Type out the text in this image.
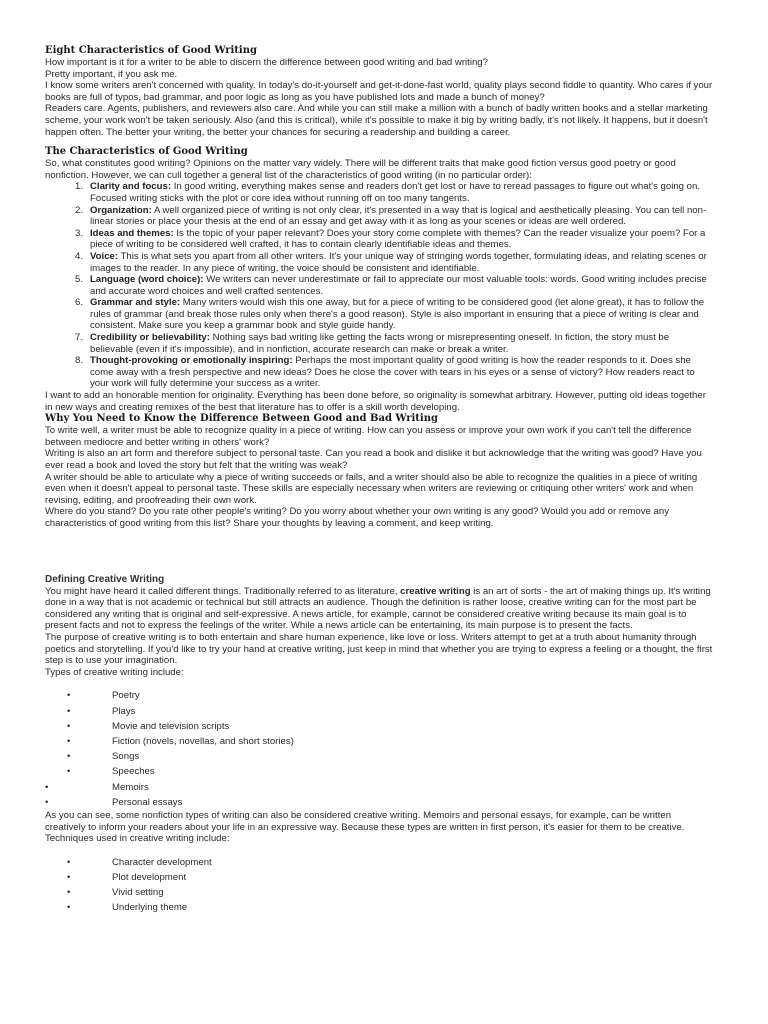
Eight Characteristics of Good Writing

How important is it for a writer to be able to discern the difference between good writing and bad writing?

Pretty important, if you ask me.

I know some writers aren't concerned with quality. In today's do-it-yourself and get-it-done-fast world, quality plays second fiddle to quantity. Who cares if your books are full of typos, bad grammar, and poor logic as long as you have published lots and made a bunch of money?

Readers care. Agents, publishers, and reviewers also care. And while you can still make a million with a bunch of badly written books and a stellar marketing scheme, your work won't be taken seriously. Also (and this is critical), while it's possible to make it big by writing badly, it's not likely. It happens, but it doesn't happen often. The better your writing, the better your chances for securing a readership and building a career.

The Characteristics of Good Writing

So, what constitutes good writing? Opinions on the matter vary widely. There will be different traits that make good fiction versus good poetry or good nonfiction. However, we can cull together a general list of the characteristics of good writing (in no particular order):

1. Clarity and focus: In good writing, everything makes sense and readers don't get lost or have to reread passages to figure out what's going on. Focused writing sticks with the plot or core idea without running off on too many tangents.
2. Organization: A well organized piece of writing is not only clear, it's presented in a way that is logical and aesthetically pleasing. You can tell non-linear stories or place your thesis at the end of an essay and get away with it as long as your scenes or ideas are well ordered.
3. Ideas and themes: Is the topic of your paper relevant? Does your story come complete with themes? Can the reader visualize your poem? For a piece of writing to be considered well crafted, it has to contain clearly identifiable ideas and themes.
4. Voice: This is what sets you apart from all other writers. It's your unique way of stringing words together, formulating ideas, and relating scenes or images to the reader. In any piece of writing, the voice should be consistent and identifiable.
5. Language (word choice): We writers can never underestimate or fail to appreciate our most valuable tools: words. Good writing includes precise and accurate word choices and well crafted sentences.
6. Grammar and style: Many writers would wish this one away, but for a piece of writing to be considered good (let alone great), it has to follow the rules of grammar (and break those rules only when there's a good reason). Style is also important in ensuring that a piece of writing is clear and consistent. Make sure you keep a grammar book and style guide handy.
7. Credibility or believability: Nothing says bad writing like getting the facts wrong or misrepresenting oneself. In fiction, the story must be believable (even if it's impossible), and in nonfiction, accurate research can make or break a writer.
8. Thought-provoking or emotionally inspiring: Perhaps the most important quality of good writing is how the reader responds to it. Does she come away with a fresh perspective and new ideas? Does he close the cover with tears in his eyes or a sense of victory? How readers react to your work will fully determine your success as a writer.

I want to add an honorable mention for originality. Everything has been done before, so originality is somewhat arbitrary. However, putting old ideas together in new ways and creating remixes of the best that literature has to offer is a skill worth developing.

Why You Need to Know the Difference Between Good and Bad Writing

To write well, a writer must be able to recognize quality in a piece of writing. How can you assess or improve your own work if you can't tell the difference between mediocre and better writing in others' work?

Writing is also an art form and therefore subject to personal taste. Can you read a book and dislike it but acknowledge that the writing was good? Have you ever read a book and loved the story but felt that the writing was weak?

A writer should be able to articulate why a piece of writing succeeds or fails, and a writer should also be able to recognize the qualities in a piece of writing even when it doesn't appeal to personal taste. These skills are especially necessary when writers are reviewing or critiquing other writers' work and when revising, editing, and proofreading their own work.

Where do you stand? Do you rate other people's writing? Do you worry about whether your own writing is any good? Would you add or remove any characteristics of good writing from this list? Share your thoughts by leaving a comment, and keep writing.

Defining Creative Writing

You might have heard it called different things. Traditionally referred to as literature, creative writing is an art of sorts - the art of making things up. It's writing done in a way that is not academic or technical but still attracts an audience. Though the definition is rather loose, creative writing can for the most part be considered any writing that is original and self-expressive. A news article, for example, cannot be considered creative writing because its main goal is to present facts and not to express the feelings of the writer. While a news article can be entertaining, its main purpose is to present the facts.

The purpose of creative writing is to both entertain and share human experience, like love or loss. Writers attempt to get at a truth about humanity through poetics and storytelling. If you'd like to try your hand at creative writing, just keep in mind that whether you are trying to express a feeling or a thought, the first step is to use your imagination.

Types of creative writing include:

•	Poetry
•	Plays
•	Movie and television scripts
•	Fiction (novels, novellas, and short stories)
•	Songs
•	Speeches
•	Memoirs
•	Personal essays

As you can see, some nonfiction types of writing can also be considered creative writing. Memoirs and personal essays, for example, can be written creatively to inform your readers about your life in an expressive way. Because these types are written in first person, it's easier for them to be creative.

Techniques used in creative writing include:

•	Character development
•	Plot development
•	Vivid setting
•	Underlying theme
